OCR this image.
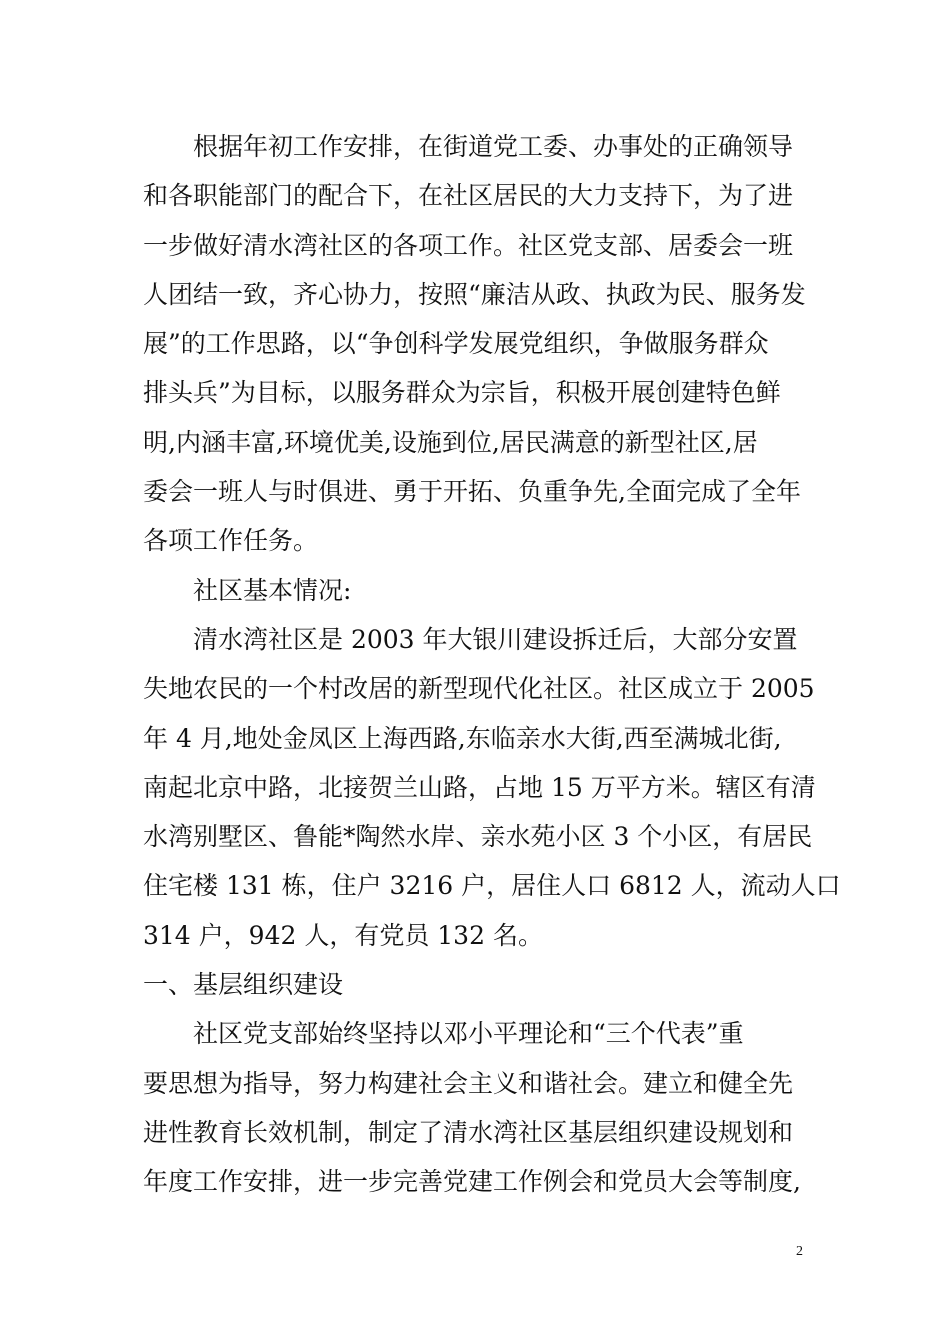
　　根据年初工作安排，在街道党工委、办事处的正确领导
和各职能部门的配合下，在社区居民的大力支持下，为了进
一步做好清水湾社区的各项工作。社区党支部、居委会一班
人团结一致，齐心协力，按照“廉洁从政、执政为民、服务发
展”的工作思路，以“争创科学发展党组织，争做服务群众
排头兵”为目标，以服务群众为宗旨，积极开展创建特色鲜
明,内涵丰富,环境优美,设施到位,居民满意的新型社区,居
委会一班人与时俱进、勇于开拓、负重争先,全面完成了全年
各项工作任务。
　　社区基本情况:
　　清水湾社区是 2003 年大银川建设拆迁后，大部分安置
失地农民的一个村改居的新型现代化社区。社区成立于 2005
年 4 月,地处金凤区上海西路,东临亲水大街,西至满城北街,
南起北京中路，北接贺兰山路，占地 15 万平方米。辖区有清
水湾别墅区、鲁能*陶然水岸、亲水苑小区 3 个小区，有居民
住宅楼 131 栋，住户 3216 户，居住人口 6812 人，流动人口
314 户，942 人，有党员 132 名。
一、基层组织建设
　　社区党支部始终坚持以邓小平理论和“三个代表”重
要思想为指导，努力构建社会主义和谐社会。建立和健全先
进性教育长效机制，制定了清水湾社区基层组织建设规划和
年度工作安排，进一步完善党建工作例会和党员大会等制度,
2
